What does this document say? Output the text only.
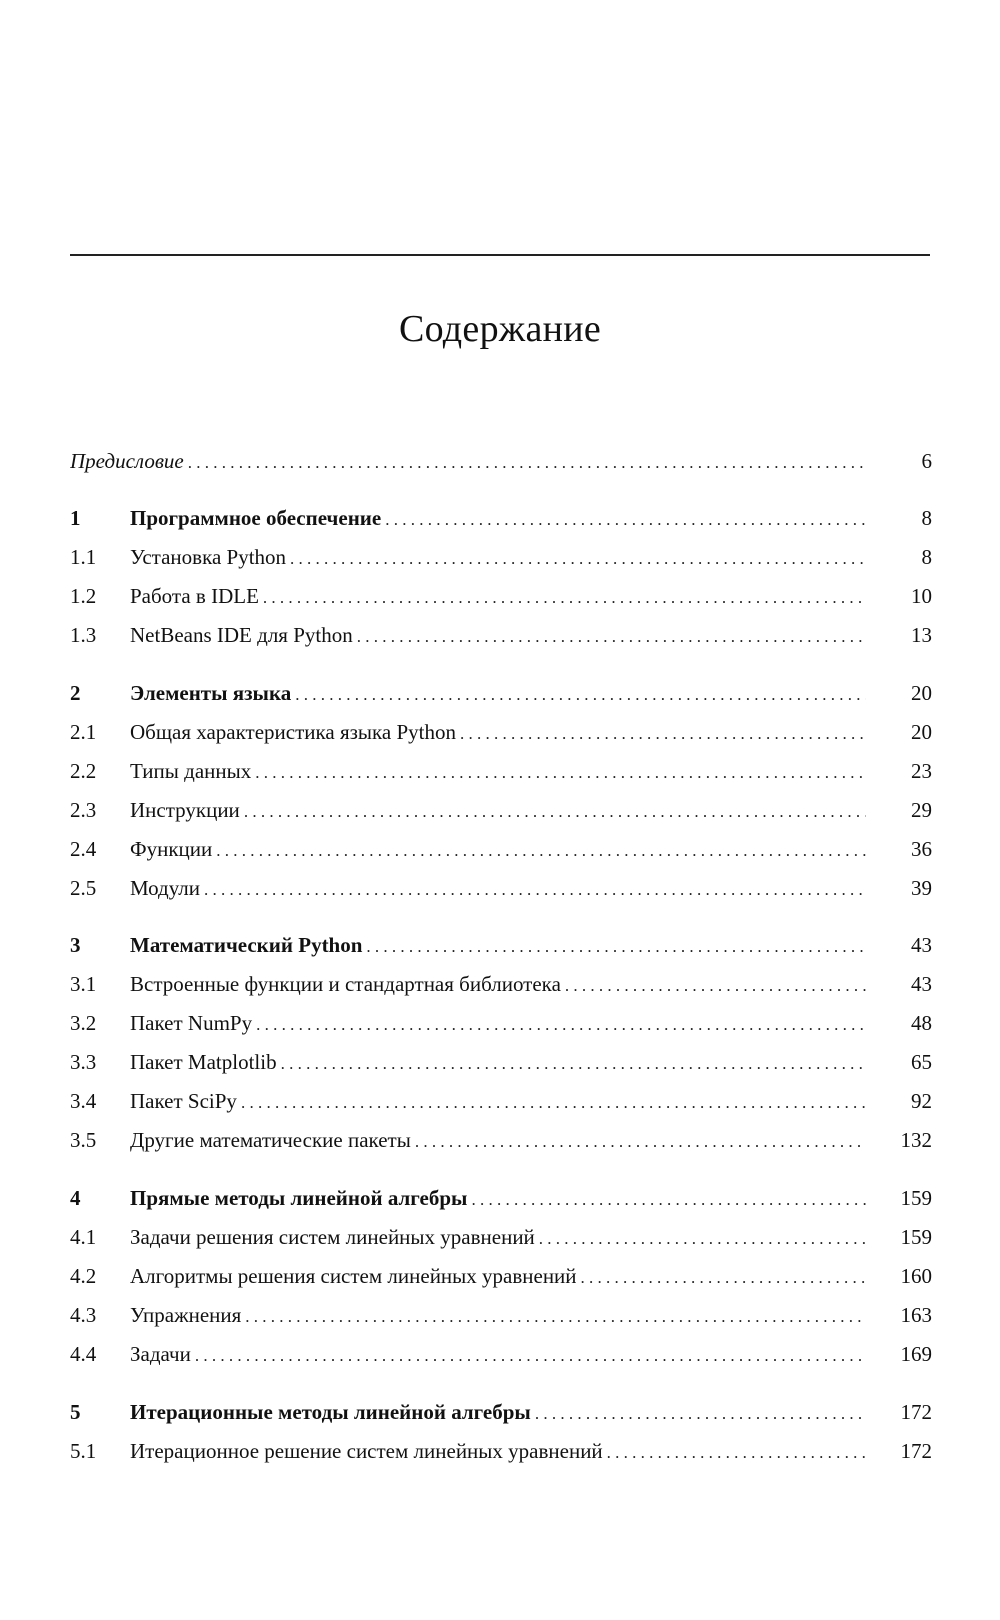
Содержание
Предисловие . . .	6
1	Программное обеспечение . . .	8
1.1	Установка Python . . .	8
1.2	Работа в IDLE . . .	10
1.3	NetBeans IDE для Python . . .	13
2	Элементы языка . . .	20
2.1	Общая характеристика языка Python . . .	20
2.2	Типы данных . . .	23
2.3	Инструкции . . .	29
2.4	Функции . . .	36
2.5	Модули . . .	39
3	Математический Python . . .	43
3.1	Встроенные функции и стандартная библиотека . . .	43
3.2	Пакет NumPy . . .	48
3.3	Пакет Matplotlib . . .	65
3.4	Пакет SciPy . . .	92
3.5	Другие математические пакеты . . .	132
4	Прямые методы линейной алгебры . . .	159
4.1	Задачи решения систем линейных уравнений . . .	159
4.2	Алгоритмы решения систем линейных уравнений . . .	160
4.3	Упражнения . . .	163
4.4	Задачи . . .	169
5	Итерационные методы линейной алгебры . . .	172
5.1	Итерационное решение систем линейных уравнений . . .	172
